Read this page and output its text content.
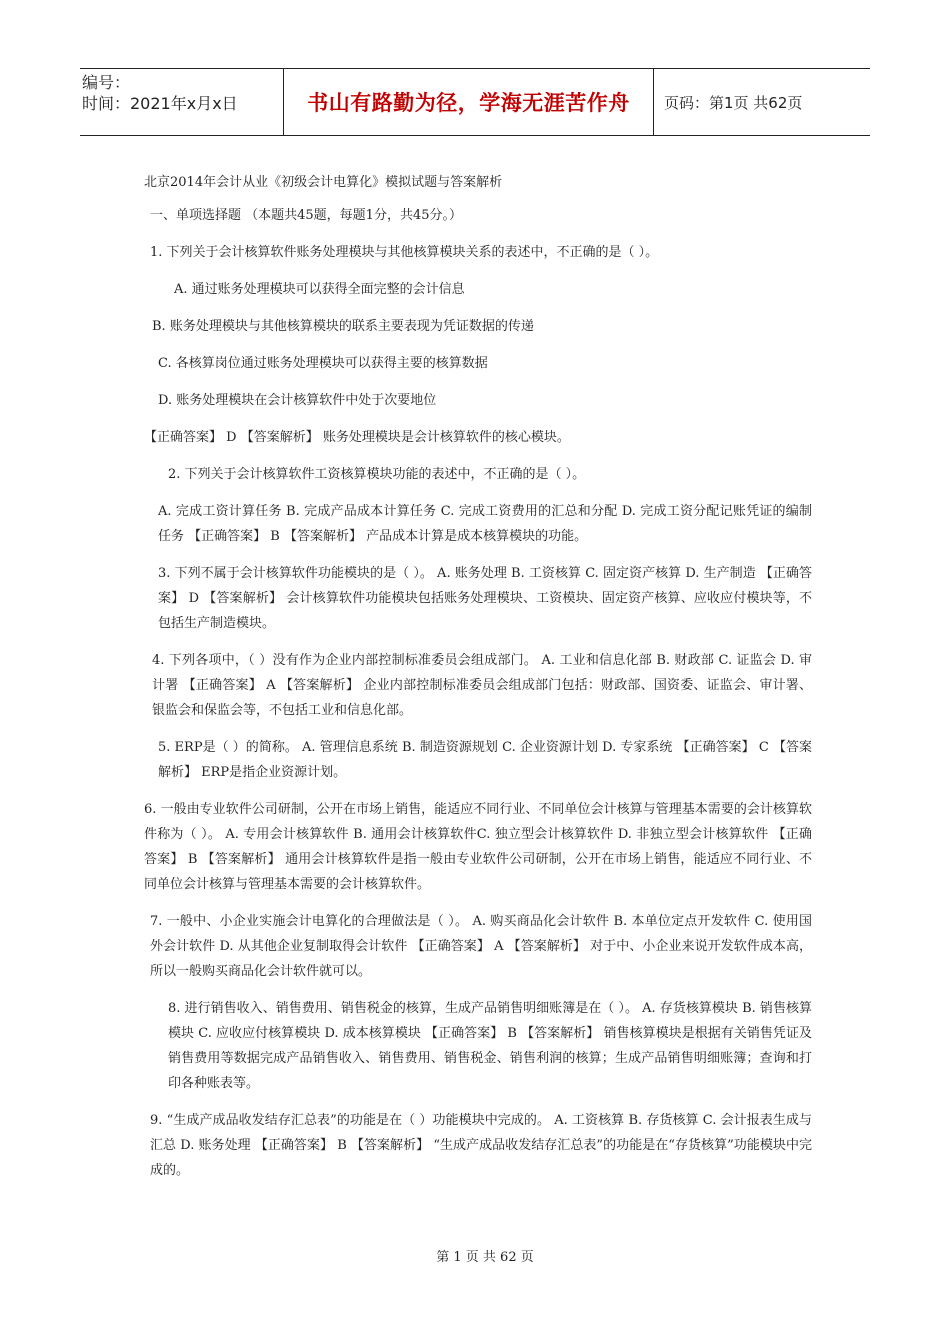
编号：
时间：2021年x月x日	书山有路勤为径，学海无涯苦作舟	页码：第1页 共62页

北京2014年会计从业《初级会计电算化》模拟试题与答案解析

一、单项选择题 （本题共45题，每题1分，共45分。）

1. 下列关于会计核算软件账务处理模块与其他核算模块关系的表述中，不正确的是（ ）。

A. 通过账务处理模块可以获得全面完整的会计信息

B. 账务处理模块与其他核算模块的联系主要表现为凭证数据的传递

C. 各核算岗位通过账务处理模块可以获得主要的核算数据

D. 账务处理模块在会计核算软件中处于次要地位

【正确答案】 D 【答案解析】 账务处理模块是会计核算软件的核心模块。

2. 下列关于会计核算软件工资核算模块功能的表述中，不正确的是（ ）。

A. 完成工资计算任务 B. 完成产品成本计算任务 C. 完成工资费用的汇总和分配 D. 完成工资分配记账凭证的编制任务 【正确答案】 B 【答案解析】 产品成本计算是成本核算模块的功能。

3. 下列不属于会计核算软件功能模块的是（ ）。 A. 账务处理 B. 工资核算 C. 固定资产核算 D. 生产制造 【正确答案】 D 【答案解析】 会计核算软件功能模块包括账务处理模块、工资模块、固定资产核算、应收应付模块等，不包括生产制造模块。

4. 下列各项中，（ ）没有作为企业内部控制标准委员会组成部门。 A. 工业和信息化部 B. 财政部 C. 证监会 D. 审计署 【正确答案】 A 【答案解析】 企业内部控制标准委员会组成部门包括：财政部、国资委、证监会、审计署、银监会和保监会等，不包括工业和信息化部。

5. ERP是（ ）的简称。 A. 管理信息系统 B. 制造资源规划 C. 企业资源计划 D. 专家系统 【正确答案】 C 【答案解析】 ERP是指企业资源计划。

6. 一般由专业软件公司研制，公开在市场上销售，能适应不同行业、不同单位会计核算与管理基本需要的会计核算软件称为（ ）。 A. 专用会计核算软件 B. 通用会计核算软件C. 独立型会计核算软件 D. 非独立型会计核算软件 【正确答案】 B 【答案解析】 通用会计核算软件是指一般由专业软件公司研制，公开在市场上销售，能适应不同行业、不同单位会计核算与管理基本需要的会计核算软件。

7. 一般中、小企业实施会计电算化的合理做法是（ ）。 A. 购买商品化会计软件 B. 本单位定点开发软件 C. 使用国外会计软件 D. 从其他企业复制取得会计软件 【正确答案】 A 【答案解析】 对于中、小企业来说开发软件成本高，所以一般购买商品化会计软件就可以。

8. 进行销售收入、销售费用、销售税金的核算，生成产品销售明细账簿是在（ ）。 A. 存货核算模块 B. 销售核算模块 C. 应收应付核算模块 D. 成本核算模块 【正确答案】 B 【答案解析】 销售核算模块是根据有关销售凭证及销售费用等数据完成产品销售收入、销售费用、销售税金、销售利润的核算；生成产品销售明细账簿；查询和打印各种账表等。

9. “生成产成品收发结存汇总表”的功能是在（ ）功能模块中完成的。 A. 工资核算 B. 存货核算 C. 会计报表生成与汇总 D. 账务处理 【正确答案】 B 【答案解析】 “生成产成品收发结存汇总表”的功能是在“存货核算”功能模块中完成的。

第 1 页 共 62 页
